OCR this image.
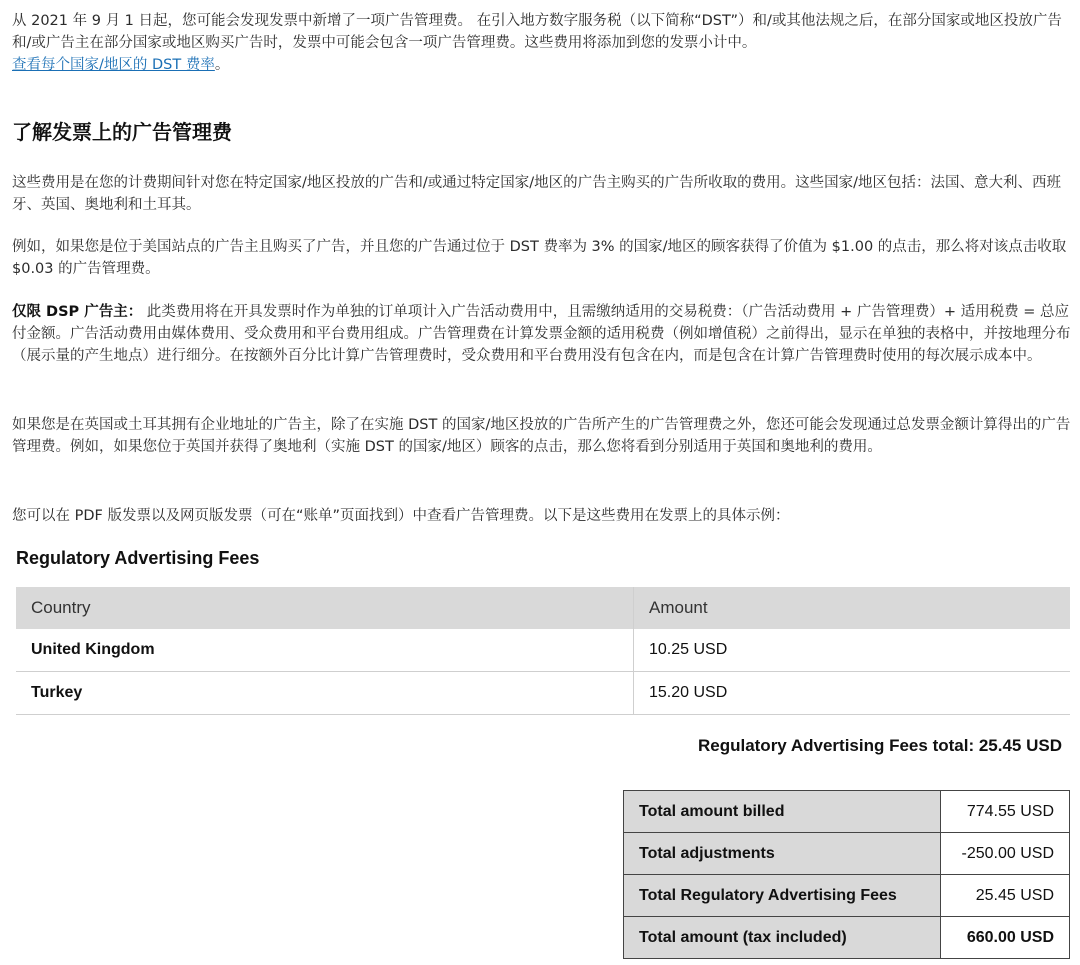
从 2021 年 9 月 1 日起，您可能会发现发票中新增了一项广告管理费。 在引入地方数字服务税（以下简称“DST”）和/或其他法规之后，在部分国家或地区投放广告和/或广告主在部分国家或地区购买广告时，发票中可能会包含一项广告管理费。这些费用将添加到您的发票小计中。
查看每个国家/地区的 DST 费率。

了解发票上的广告管理费

这些费用是在您的计费期间针对您在特定国家/地区投放的广告和/或通过特定国家/地区的广告主购买的广告所收取的费用。这些国家/地区包括：法国、意大利、西班牙、英国、奥地利和土耳其。

例如，如果您是位于美国站点的广告主且购买了广告，并且您的广告通过位于 DST 费率为 3% 的国家/地区的顾客获得了价值为 $1.00 的点击，那么将对该点击收取 $0.03 的广告管理费。

仅限 DSP 广告主： 此类费用将在开具发票时作为单独的订单项计入广告活动费用中，且需缴纳适用的交易税费：（广告活动费用 + 广告管理费）+ 适用税费 = 总应付金额。广告活动费用由媒体费用、受众费用和平台费用组成。广告管理费在计算发票金额的适用税费（例如增值税）之前得出，显示在单独的表格中，并按地理分布（展示量的产生地点）进行细分。在按额外百分比计算广告管理费时，受众费用和平台费用没有包含在内，而是包含在计算广告管理费时使用的每次展示成本中。

如果您是在英国或土耳其拥有企业地址的广告主，除了在实施 DST 的国家/地区投放的广告所产生的广告管理费之外，您还可能会发现通过总发票金额计算得出的广告管理费。例如，如果您位于英国并获得了奥地利（实施 DST 的国家/地区）顾客的点击，那么您将看到分别适用于英国和奥地利的费用。

您可以在 PDF 版发票以及网页版发票（可在“账单”页面找到）中查看广告管理费。以下是这些费用在发票上的具体示例：

Regulatory Advertising Fees
Country	Amount
United Kingdom	10.25 USD
Turkey	15.20 USD

Regulatory Advertising Fees total: 25.45 USD

Total amount billed	774.55 USD
Total adjustments	-250.00 USD
Total Regulatory Advertising Fees	25.45 USD
Total amount (tax included)	660.00 USD
